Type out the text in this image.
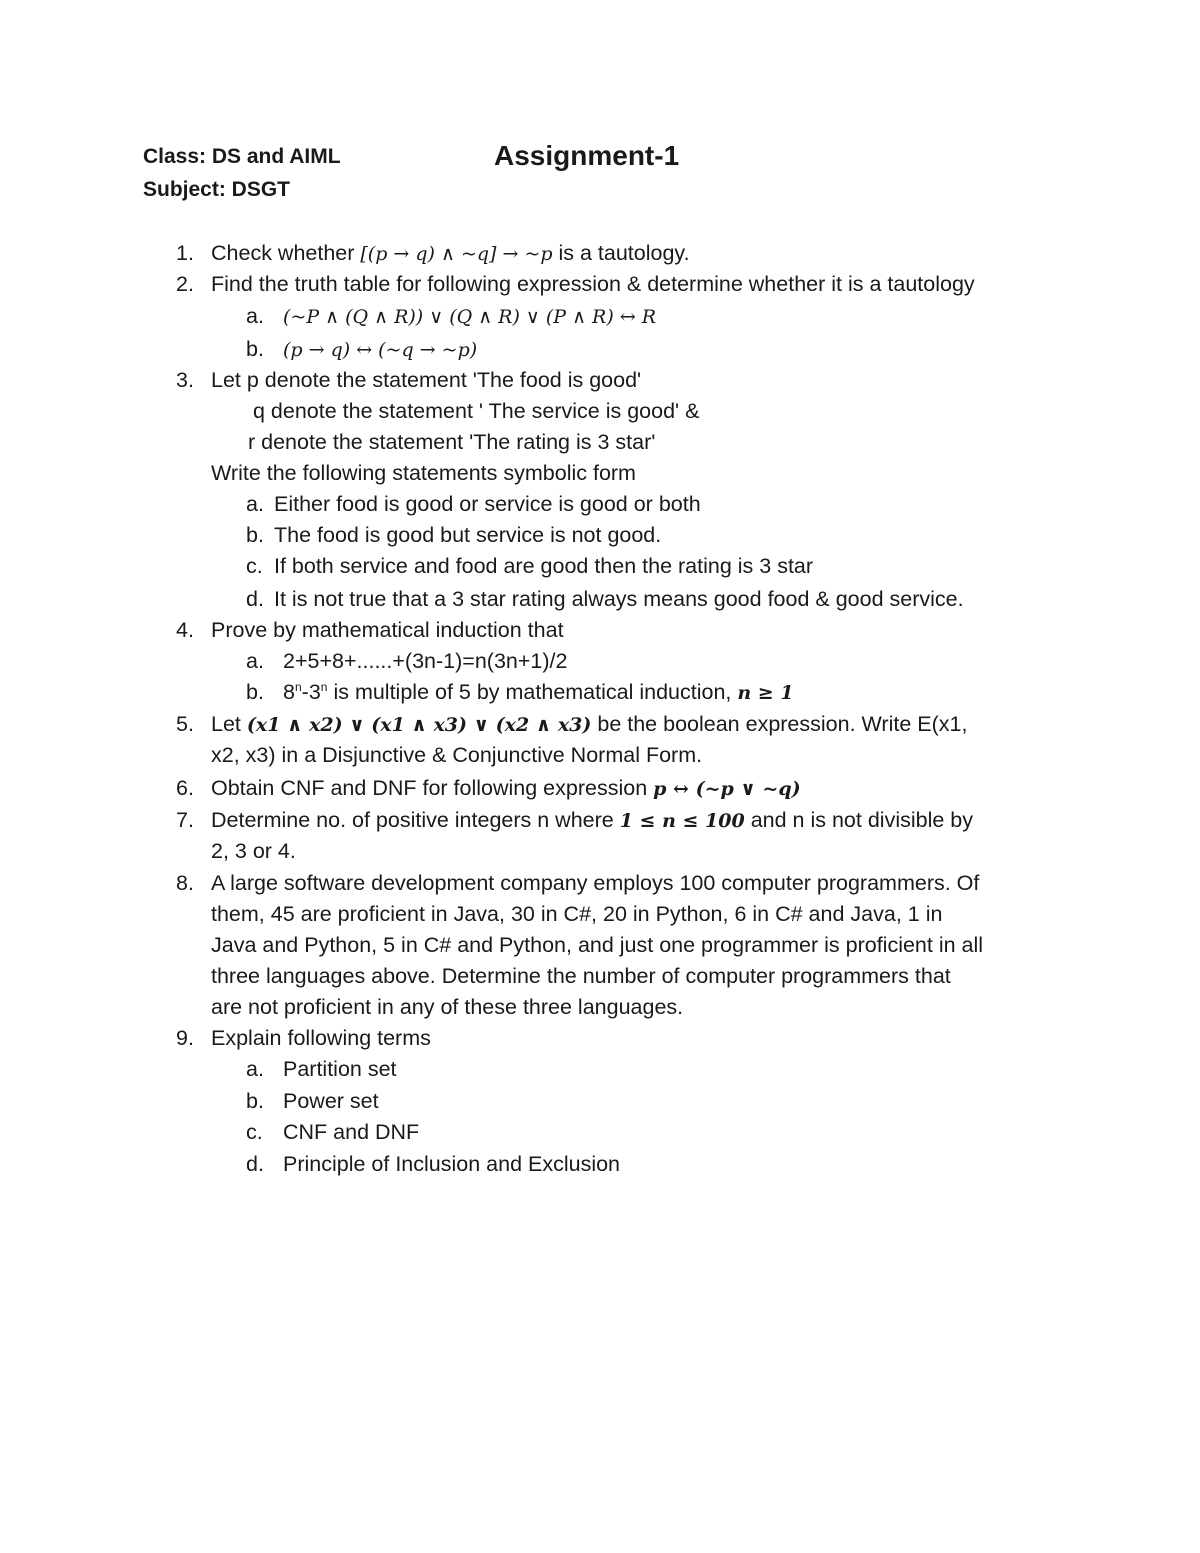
Class: DS and AIML
Subject: DSGT
Assignment-1
1. Check whether [(p → q) ∧ ~q] → ~p is a tautology.
2. Find the truth table for following expression & determine whether it is a tautology
a. (~P ∧ (Q ∧ R)) ∨ (Q ∧ R) ∨ (P ∧ R) ↔ R
b. (p → q) ↔ (~q → ~p)
3. Let p denote the statement 'The food is good'
q denote the statement ' The service is good' &
r denote the statement 'The rating is 3 star'
Write the following statements symbolic form
a. Either food is good or service is good or both
b. The food is good but service is not good.
c. If both service and food are good then the rating is 3 star
d. It is not true that a 3 star rating always means good food & good service.
4. Prove by mathematical induction that
a. 2+5+8+......+(3n-1)=n(3n+1)/2
b. 8$^n$-3$^n$ is multiple of 5 by mathematical induction, n ≥ 1
5. Let (x1 ∧ x2) ∨ (x1 ∧ x3) ∨ (x2 ∧ x3) be the boolean expression. Write E(x1,
x2, x3) in a Disjunctive & Conjunctive Normal Form.
6. Obtain CNF and DNF for following expression p ↔ (~p ∨ ~q)
7. Determine no. of positive integers n where 1 ≤ n ≤ 100 and n is not divisible by
2, 3 or 4.
8. A large software development company employs 100 computer programmers. Of
them, 45 are proficient in Java, 30 in C#, 20 in Python, 6 in C# and Java, 1 in
Java and Python, 5 in C# and Python, and just one programmer is proficient in all
three languages above. Determine the number of computer programmers that
are not proficient in any of these three languages.
9. Explain following terms
a. Partition set
b. Power set
c. CNF and DNF
d. Principle of Inclusion and Exclusion
